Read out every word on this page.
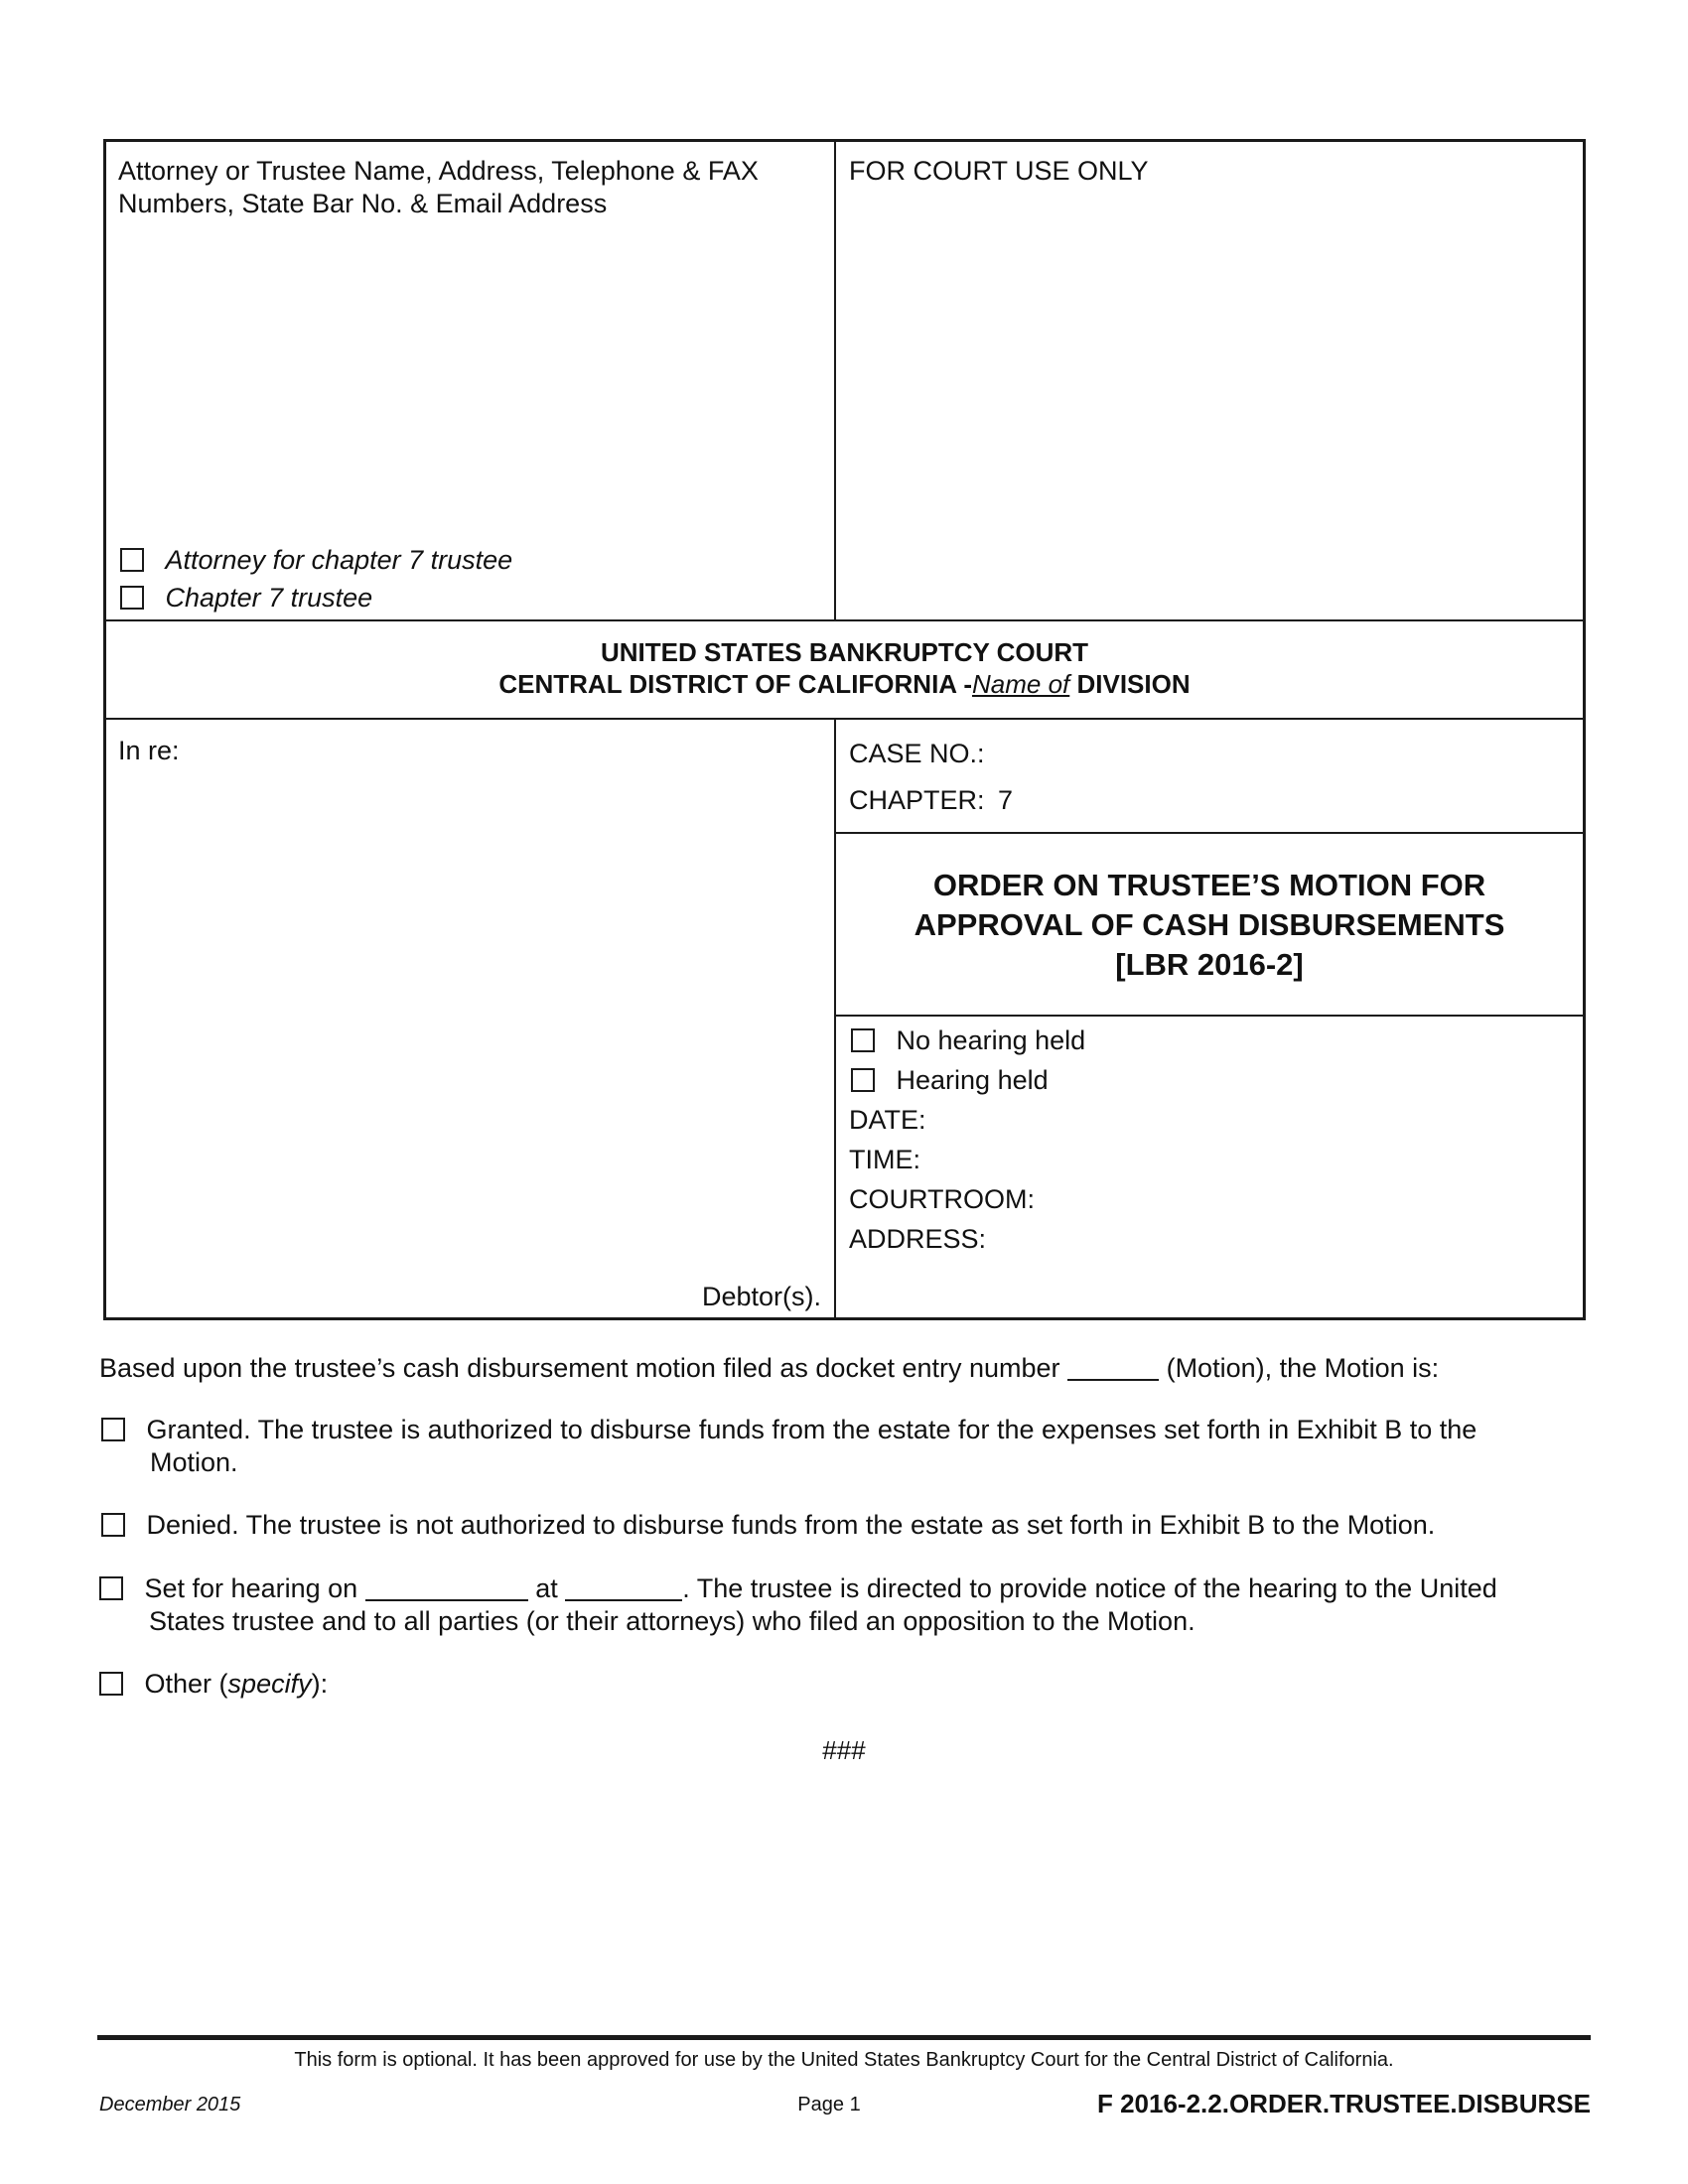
Attorney or Trustee Name, Address, Telephone & FAX Numbers, State Bar No. & Email Address
Attorney for chapter 7 trustee
Chapter 7 trustee
FOR COURT USE ONLY
UNITED STATES BANKRUPTCY COURT
CENTRAL DISTRICT OF CALIFORNIA -Name of DIVISION
In re:
Debtor(s).
CASE NO.:
CHAPTER: 7
ORDER ON TRUSTEE’S MOTION FOR
APPROVAL OF CASH DISBURSEMENTS
[LBR 2016-2]
No hearing held
Hearing held
DATE:
TIME:
COURTROOM:
ADDRESS:
Based upon the trustee’s cash disbursement motion filed as docket entry number	(Motion), the Motion is:
Granted. The trustee is authorized to disburse funds from the estate for the expenses set forth in Exhibit B to the
Motion.
Denied. The trustee is not authorized to disburse funds from the estate as set forth in Exhibit B to the Motion.
Set for hearing on	at	. The trustee is directed to provide notice of the hearing to the United
States trustee and to all parties (or their attorneys) who filed an opposition to the Motion.
Other (specify):
###
This form is optional. It has been approved for use by the United States Bankruptcy Court for the Central District of California.
December 2015	Page 1	F 2016-2.2.ORDER.TRUSTEE.DISBURSE
